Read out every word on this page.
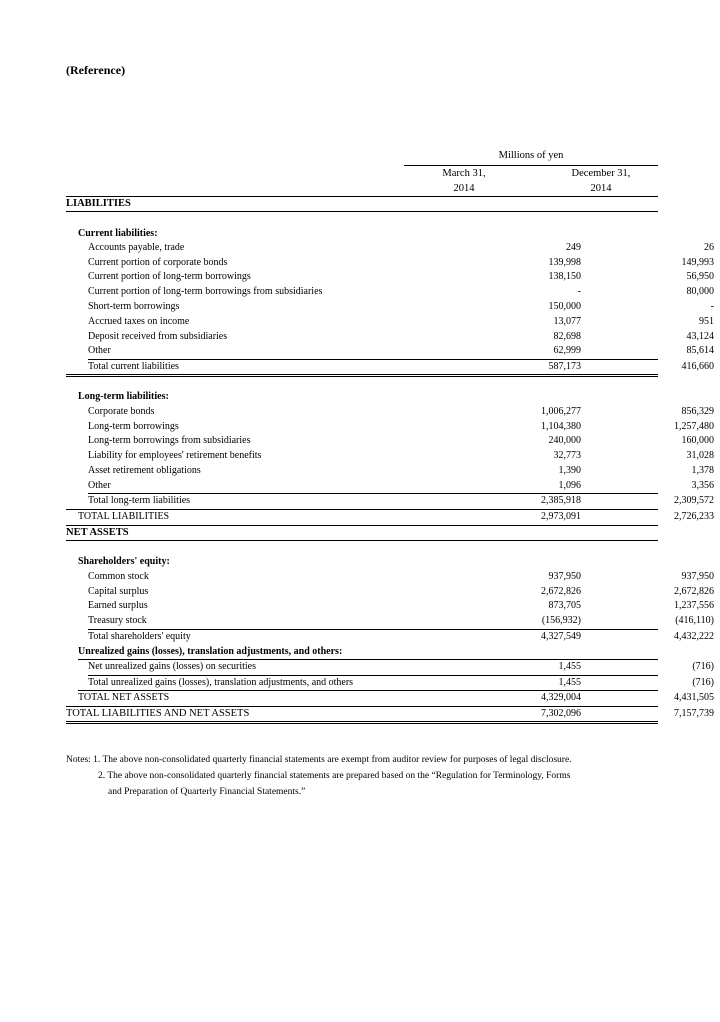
(Reference)
Millions of yen
March 31,
2014
December 31,
2014
LIABILITIES
Current liabilities:
Accounts payable, trade	249	26
Current portion of corporate bonds	139,998	149,993
Current portion of long-term borrowings	138,150	56,950
Current portion of long-term borrowings from subsidiaries	-	80,000
Short-term borrowings	150,000	-
Accrued taxes on income	13,077	951
Deposit received from subsidiaries	82,698	43,124
Other	62,999	85,614
Total current liabilities	587,173	416,660
Long-term liabilities:
Corporate bonds	1,006,277	856,329
Long-term borrowings	1,104,380	1,257,480
Long-term borrowings from subsidiaries	240,000	160,000
Liability for employees' retirement benefits	32,773	31,028
Asset retirement obligations	1,390	1,378
Other	1,096	3,356
Total long-term liabilities	2,385,918	2,309,572
TOTAL LIABILITIES	2,973,091	2,726,233
NET ASSETS
Shareholders' equity:
Common stock	937,950	937,950
Capital surplus	2,672,826	2,672,826
Earned surplus	873,705	1,237,556
Treasury stock	(156,932)	(416,110)
Total shareholders' equity	4,327,549	4,432,222
Unrealized gains (losses), translation adjustments, and others:
Net unrealized gains (losses) on securities	1,455	(716)
Total unrealized gains (losses), translation adjustments, and others	1,455	(716)
TOTAL NET ASSETS	4,329,004	4,431,505
TOTAL LIABILITIES AND NET ASSETS	7,302,096	7,157,739
Notes: 1. The above non-consolidated quarterly financial statements are exempt from auditor review for purposes of legal disclosure.
2. The above non-consolidated quarterly financial statements are prepared based on the “Regulation for Terminology, Forms
and Preparation of Quarterly Financial Statements.”
